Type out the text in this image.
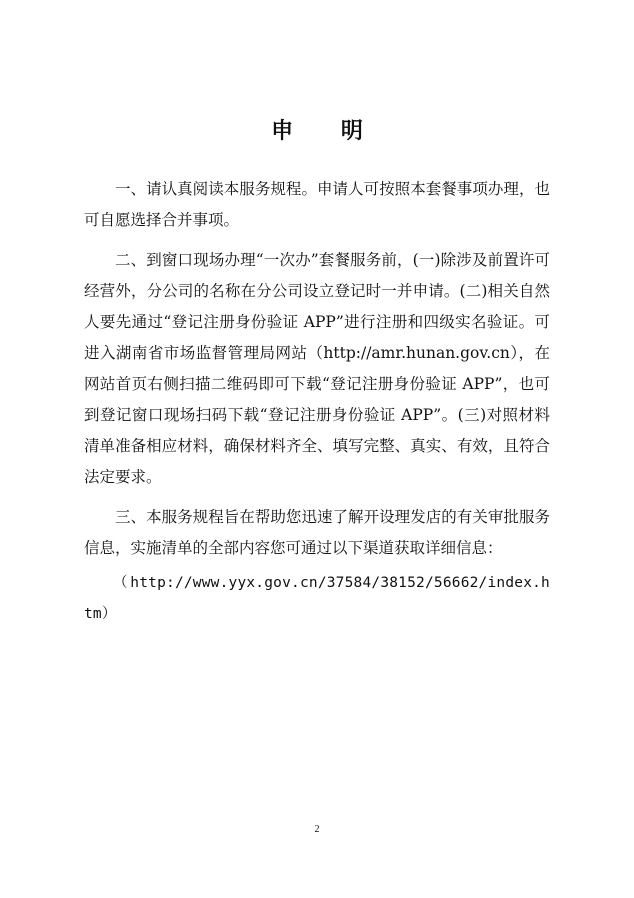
申 明

一、请认真阅读本服务规程。申请人可按照本套餐事项办理，也可自愿选择合并事项。

二、到窗口现场办理“一次办”套餐服务前，(一)除涉及前置许可经营外，分公司的名称在分公司设立登记时一并申请。(二)相关自然人要先通过“登记注册身份验证 APP”进行注册和四级实名验证。可进入湖南省市场监督管理局网站（http://amr.hunan.gov.cn），在网站首页右侧扫描二维码即可下载“登记注册身份验证 APP”，也可到登记窗口现场扫码下载“登记注册身份验证 APP”。(三)对照材料清单准备相应材料，确保材料齐全、填写完整、真实、有效，且符合法定要求。

三、本服务规程旨在帮助您迅速了解开设理发店的有关审批服务信息，实施清单的全部内容您可通过以下渠道获取详细信息：

（http://www.yyx.gov.cn/37584/38152/56662/index.htm）

2
